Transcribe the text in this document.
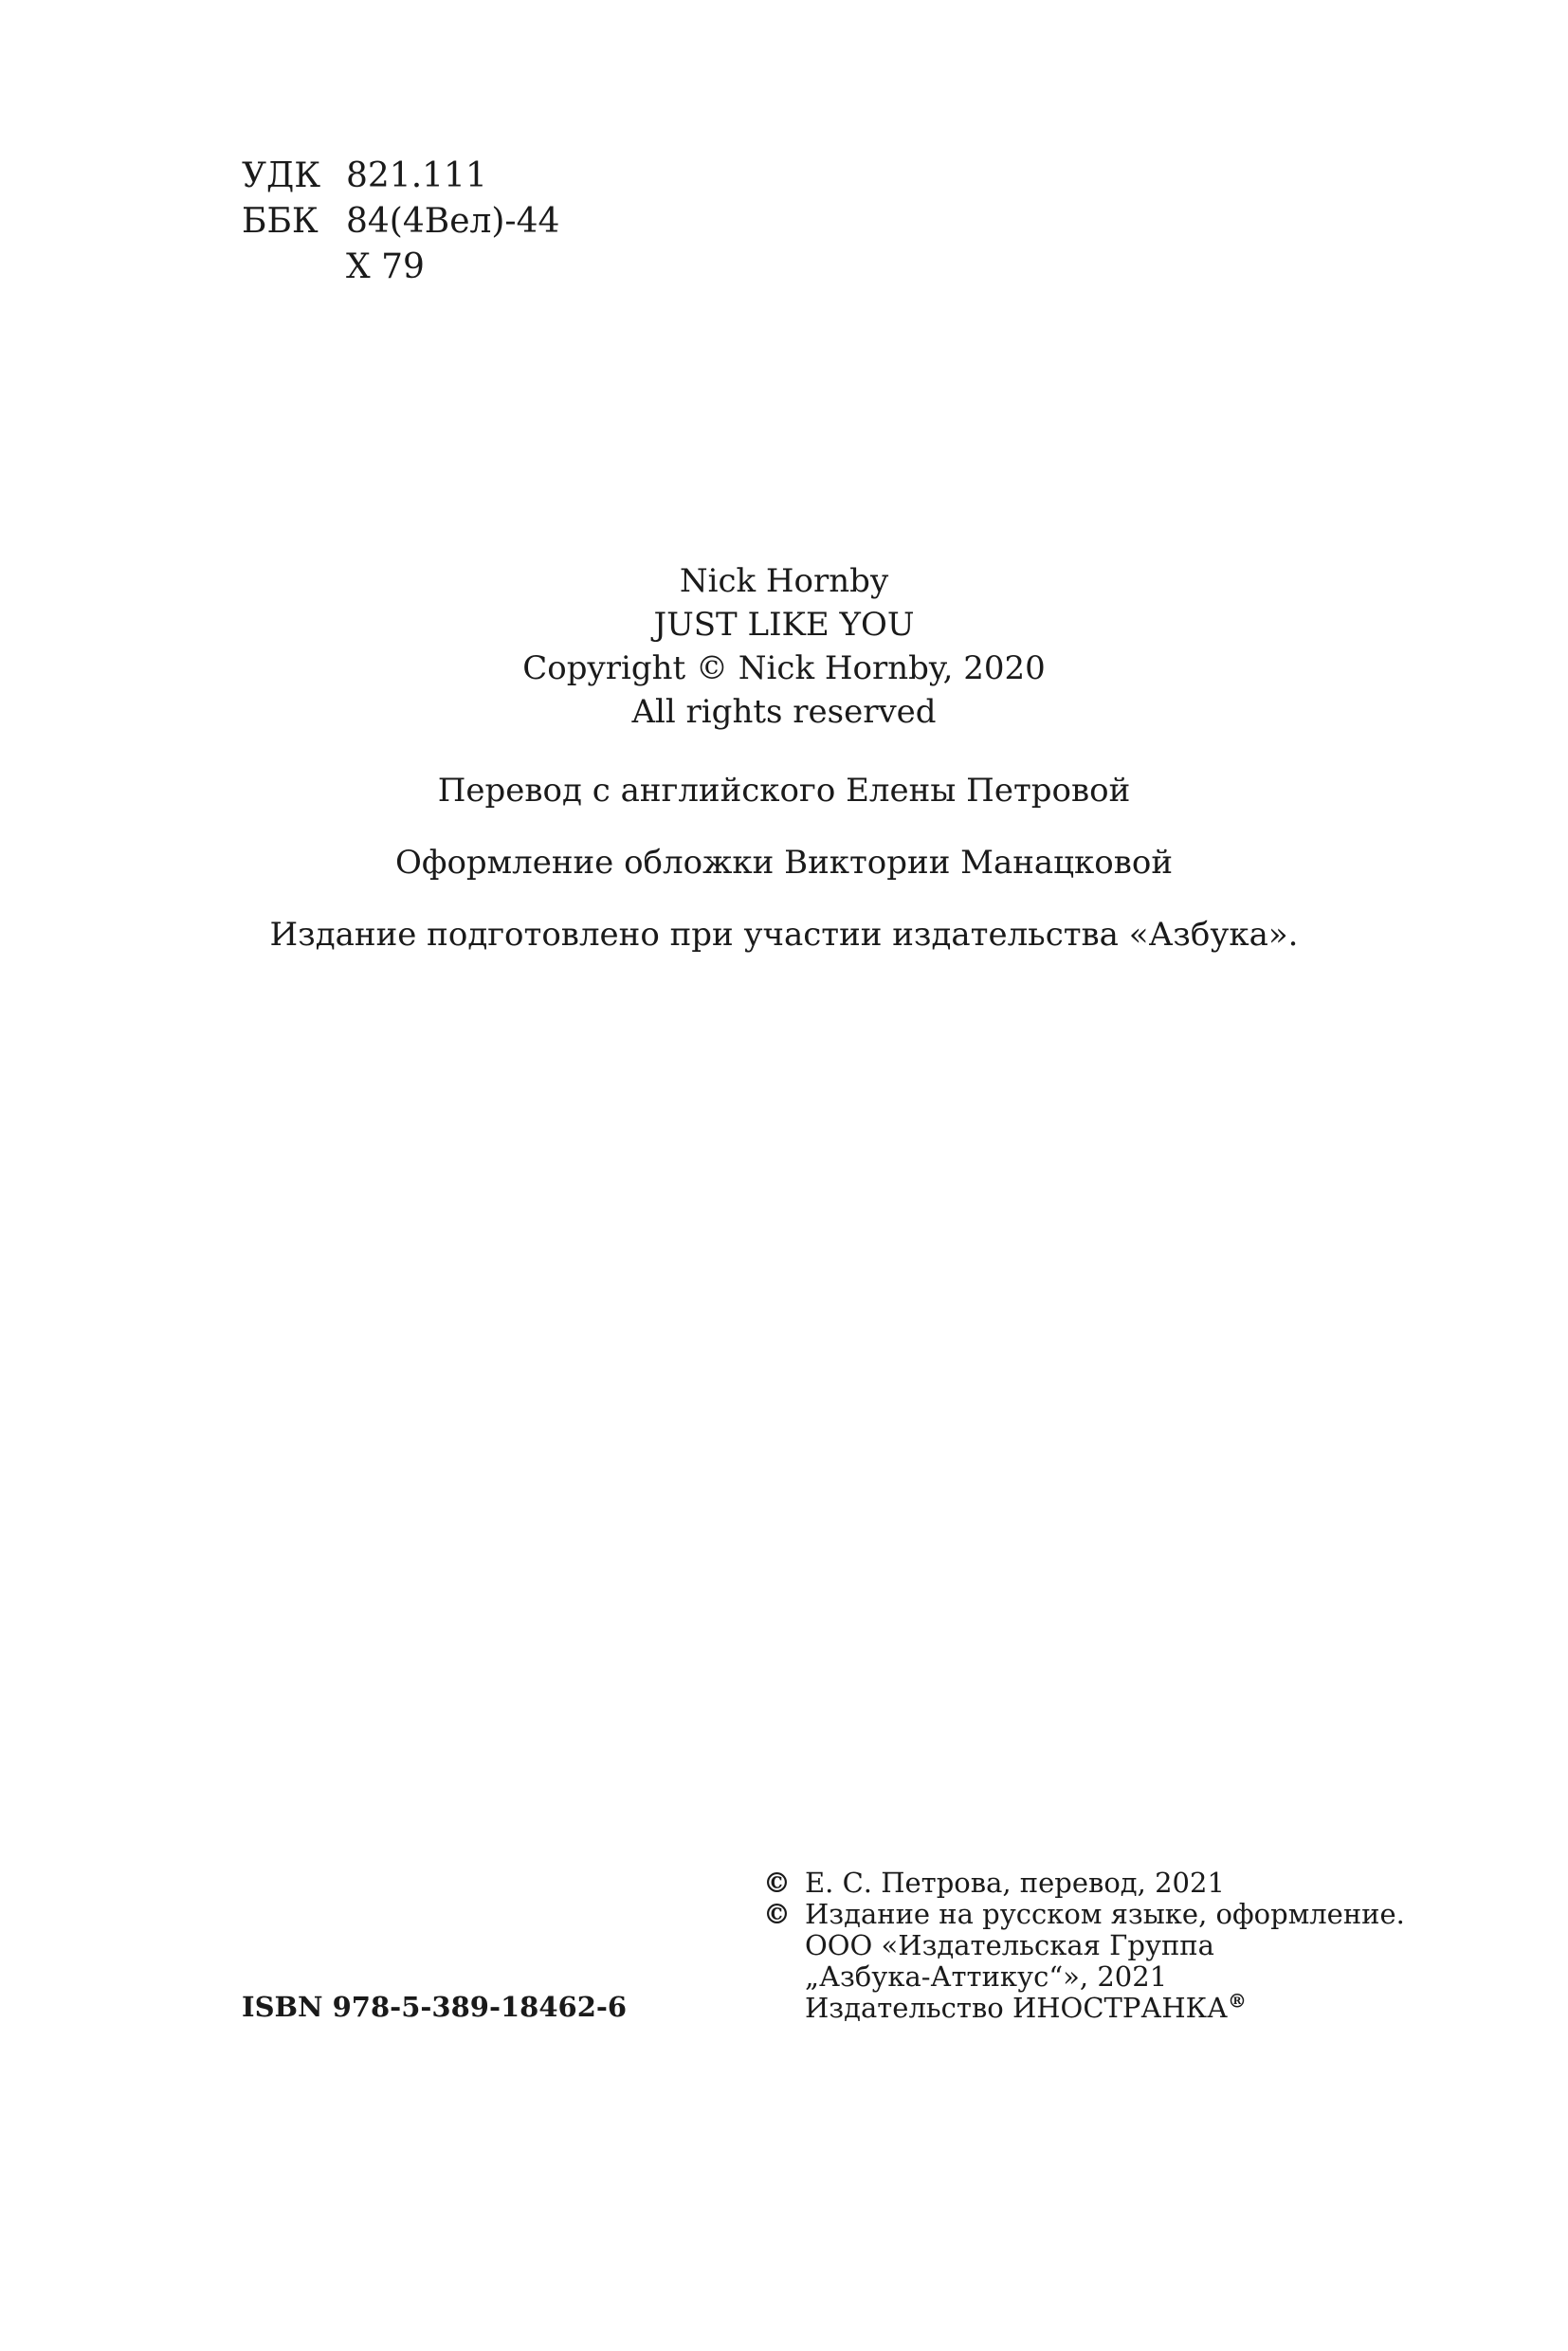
УДК 821.111
ББК 84(4Вел)-44
Х 79
Nick Hornby
JUST LIKE YOU
Copyright © Nick Hornby, 2020
All rights reserved
Перевод с английского Елены Петровой
Оформление обложки Виктории Манацковой
Издание подготовлено при участии издательства «Азбука».
ISBN 978-5-389-18462-6
© Е. С. Петрова, перевод, 2021
© Издание на русском языке, оформление.
ООО «Издательская Группа
„Азбука-Аттикус“», 2021
Издательство ИНОСТРАНКА®
